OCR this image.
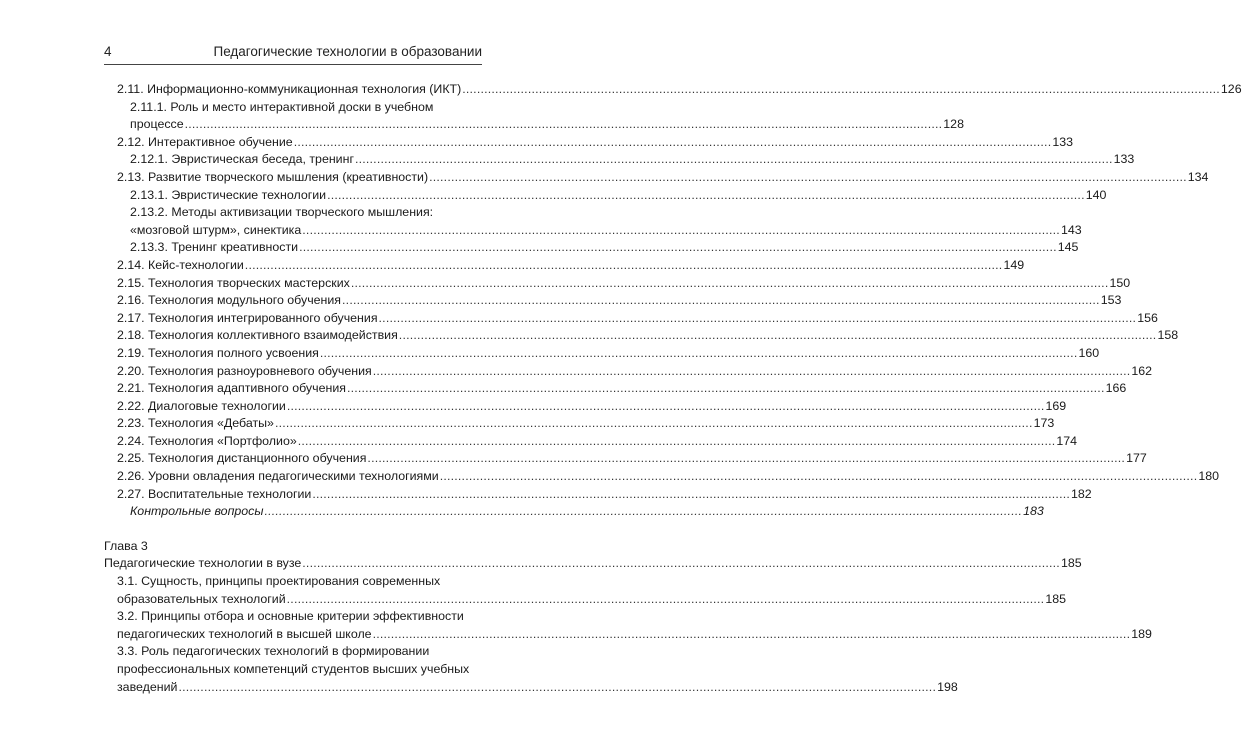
4	Педагогические технологии в образовании
2.11. Информационно-коммуникационная технология (ИКТ) .....	126
2.11.1. Роль и место интерактивной доски в учебном
процессе .....	128
2.12. Интерактивное обучение .....	133
2.12.1. Эвристическая беседа, тренинг .....	133
2.13. Развитие творческого мышления (креативности) .....	134
2.13.1. Эвристические технологии .....	140
2.13.2. Методы активизации творческого мышления:
«мозговой штурм», синектика .....	143
2.13.3. Тренинг креативности .....	145
2.14. Кейс-технологии .....	149
2.15. Технология творческих мастерских .....	150
2.16. Технология модульного обучения .....	153
2.17. Технология интегрированного обучения .....	156
2.18. Технология коллективного взаимодействия .....	158
2.19. Технология полного усвоения .....	160
2.20. Технология разноуровневого обучения .....	162
2.21. Технология адаптивного обучения .....	166
2.22. Диалоговые технологии .....	169
2.23. Технология «Дебаты» .....	173
2.24. Технология «Портфолио» .....	174
2.25. Технология дистанционного обучения .....	177
2.26. Уровни овладения педагогическими технологиями .....	180
2.27. Воспитательные технологии .....	182
Контрольные вопросы .....	183
Глава 3
Педагогические технологии в вузе .....	185
3.1. Сущность, принципы проектирования современных
образовательных технологий .....	185
3.2. Принципы отбора и основные критерии эффективности
педагогических технологий в высшей школе .....	189
3.3. Роль педагогических технологий в формировании
профессиональных компетенций студентов высших учебных
заведений .....	198
